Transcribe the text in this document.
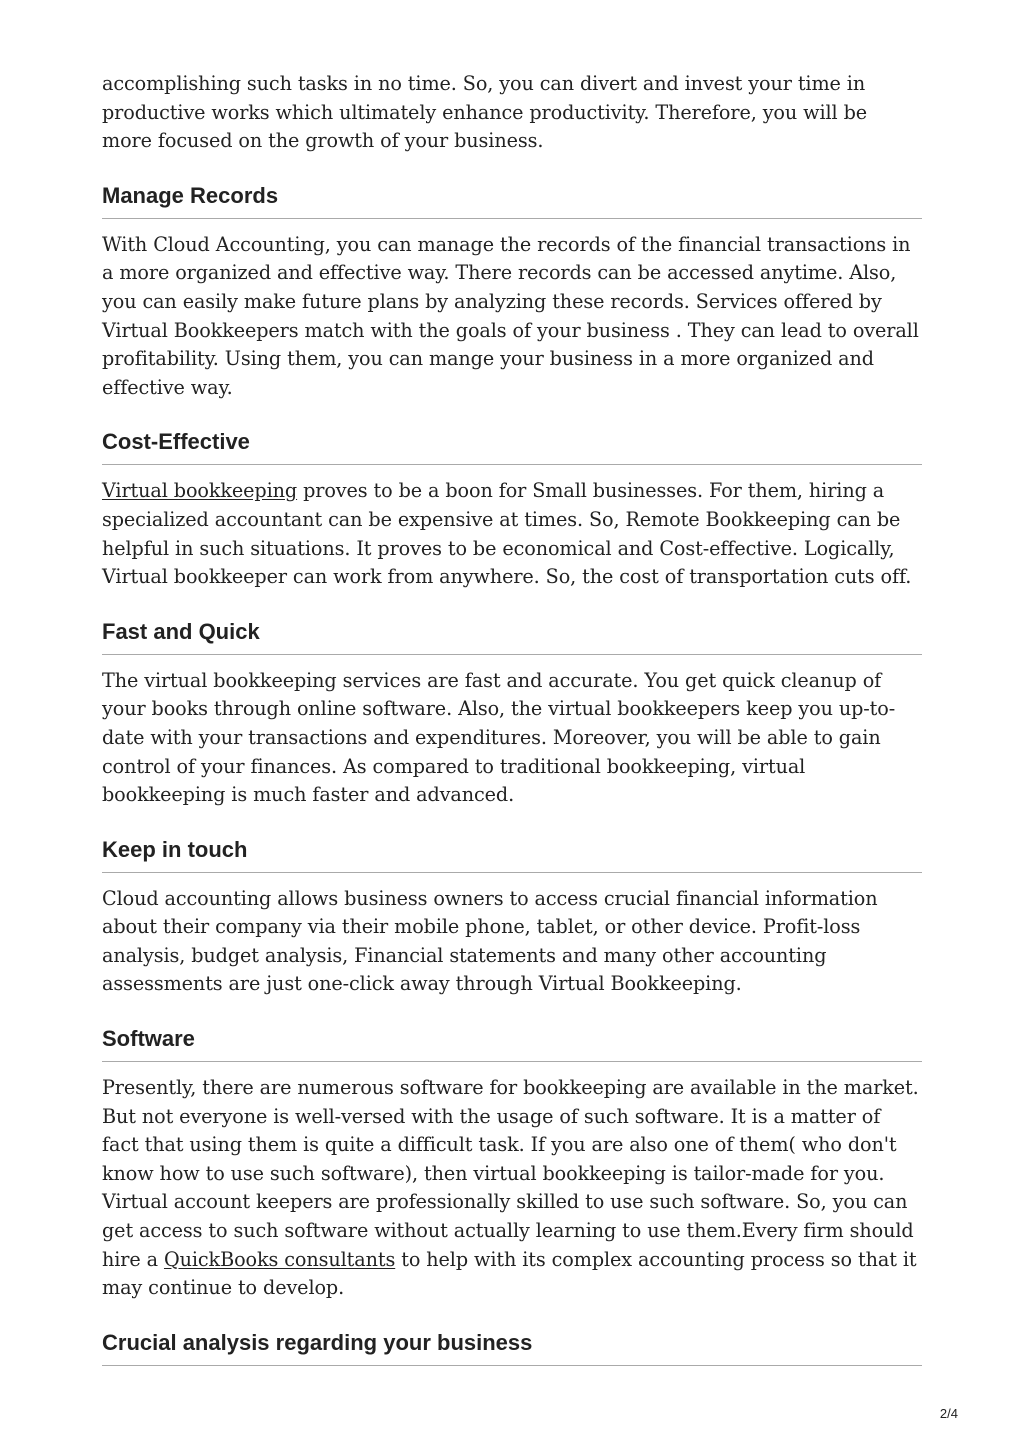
accomplishing such tasks in no time. So, you can divert and invest your time in productive works which ultimately enhance productivity. Therefore, you will be more focused on the growth of your business.

Manage Records

With Cloud Accounting, you can manage the records of the financial transactions in a more organized and effective way. There records can be accessed anytime. Also, you can easily make future plans by analyzing these records. Services offered by Virtual Bookkeepers match with the goals of your business . They can lead to overall profitability. Using them, you can mange your business in a more organized and effective way.

Cost-Effective

Virtual bookkeeping proves to be a boon for Small businesses. For them, hiring a specialized accountant can be expensive at times. So, Remote Bookkeeping can be helpful in such situations. It proves to be economical and Cost-effective. Logically, Virtual bookkeeper can work from anywhere. So, the cost of transportation cuts off.

Fast and Quick

The virtual bookkeeping services are fast and accurate. You get quick cleanup of your books through online software. Also, the virtual bookkeepers keep you up-to-date with your transactions and expenditures. Moreover, you will be able to gain control of your finances. As compared to traditional bookkeeping, virtual bookkeeping is much faster and advanced.

Keep in touch

Cloud accounting allows business owners to access crucial financial information about their company via their mobile phone, tablet, or other device. Profit-loss analysis, budget analysis, Financial statements and many other accounting assessments are just one-click away through Virtual Bookkeeping.

Software

Presently, there are numerous software for bookkeeping are available in the market. But not everyone is well-versed with the usage of such software. It is a matter of fact that using them is quite a difficult task. If you are also one of them( who don't know how to use such software), then virtual bookkeeping is tailor-made for you. Virtual account keepers are professionally skilled to use such software. So, you can get access to such software without actually learning to use them.Every firm should hire a QuickBooks consultants to help with its complex accounting process so that it may continue to develop.

Crucial analysis regarding your business
2/4
